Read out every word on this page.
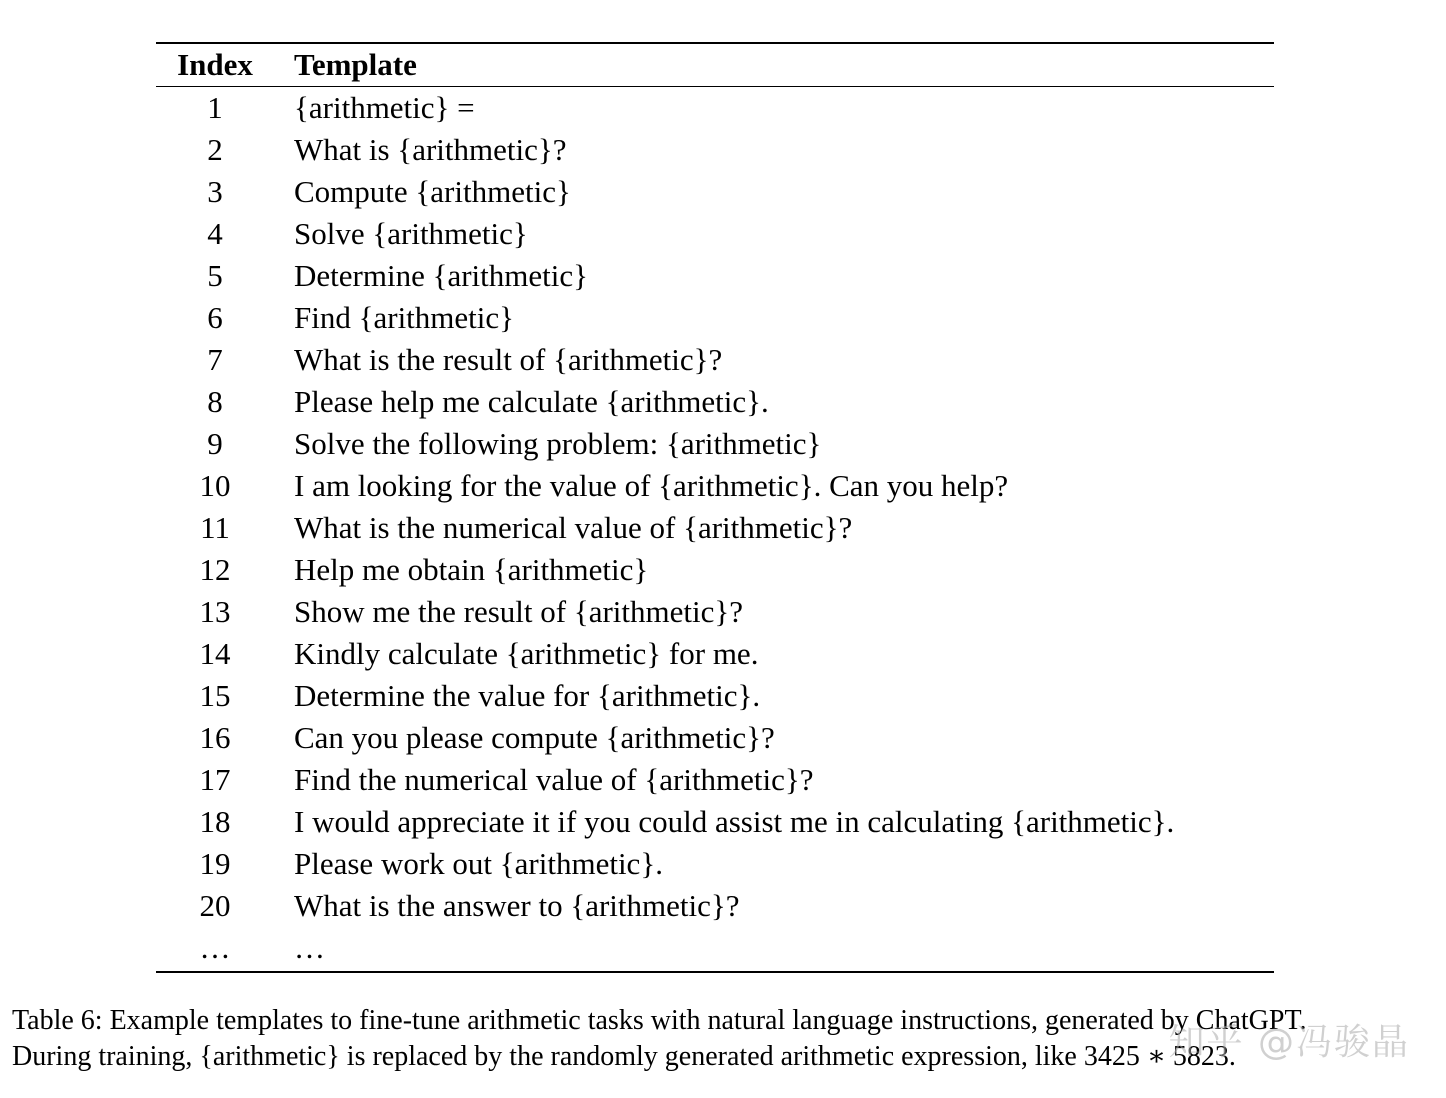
Index	Template
1	{arithmetic} =
2	What is {arithmetic}?
3	Compute {arithmetic}
4	Solve {arithmetic}
5	Determine {arithmetic}
6	Find {arithmetic}
7	What is the result of {arithmetic}?
8	Please help me calculate {arithmetic}.
9	Solve the following problem: {arithmetic}
10	I am looking for the value of {arithmetic}. Can you help?
11	What is the numerical value of {arithmetic}?
12	Help me obtain {arithmetic}
13	Show me the result of {arithmetic}?
14	Kindly calculate {arithmetic} for me.
15	Determine the value for {arithmetic}.
16	Can you please compute {arithmetic}?
17	Find the numerical value of {arithmetic}?
18	I would appreciate it if you could assist me in calculating {arithmetic}.
19	Please work out {arithmetic}.
20	What is the answer to {arithmetic}?
…	…
Table 6: Example templates to fine-tune arithmetic tasks with natural language instructions, generated by ChatGPT.
During training, {arithmetic} is replaced by the randomly generated arithmetic expression, like 3425 ∗ 5823.
知乎 @冯骏晶
